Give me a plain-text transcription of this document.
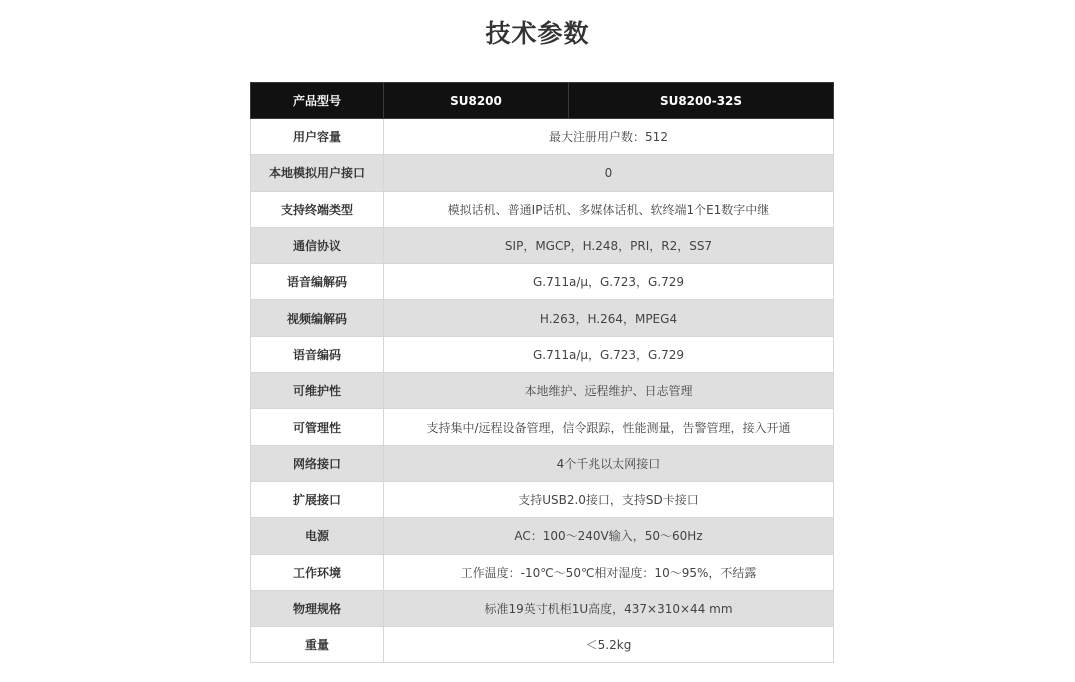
技术参数
产品型号	SU8200	SU8200-32S
用户容量	最大注册用户数：512	
本地模拟用户接口	0	
支持终端类型	模拟话机、普通IP话机、多媒体话机、软终端1个E1数字中继	
通信协议	SIP，MGCP，H.248，PRI，R2，SS7	
语音编解码	G.711a/μ，G.723，G.729	
视频编解码	H.263，H.264，MPEG4	
语音编码	G.711a/μ，G.723，G.729	
可维护性	本地维护、远程维护、日志管理	
可管理性	支持集中/远程设备管理，信令跟踪，性能测量，告警管理，接入开通	
网络接口	4个千兆以太网接口	
扩展接口	支持USB2.0接口，支持SD卡接口	
电源	AC：100～240V输入，50～60Hz	
工作环境	工作温度：-10℃～50℃相对湿度：10～95%，不结露	
物理规格	标准19英寸机柜1U高度，437×310×44 mm	
重量	＜5.2kg	
